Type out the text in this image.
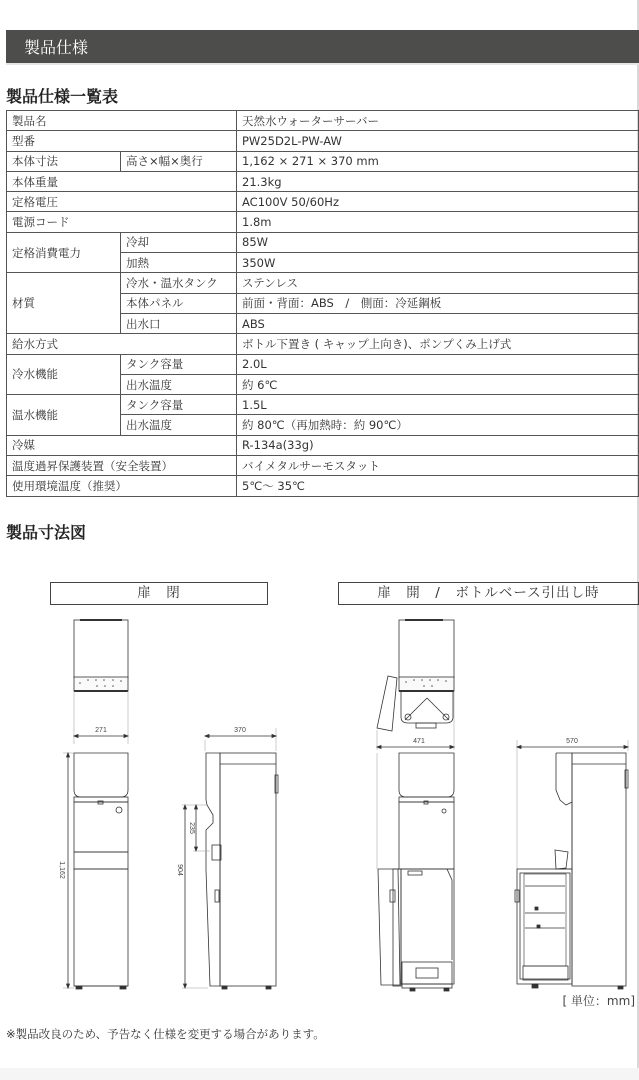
製品仕様
製品仕様一覧表
製品名		天然水ウォーターサーバー
型番		PW25D2L-PW-AW
本体寸法	高さ×幅×奥行	1,162 × 271 × 370 mm
本体重量		21.3kg
定格電圧		AC100V 50/60Hz
電源コード		1.8m
定格消費電力	冷却	85W
	加熱	350W
材質	冷水・温水タンク	ステンレス
	本体パネル	前面・背面：ABS　/　側面：冷延鋼板
	出水口	ABS
給水方式		ボトル下置き ( キャップ上向き)、ポンプくみ上げ式
冷水機能	タンク容量	2.0L
	出水温度	約 6℃
温水機能	タンク容量	1.5L
	出水温度	約 80℃（再加熱時：約 90℃）
冷媒		R-134a(33g)
温度過昇保護装置（安全装置）		バイメタルサーモスタット
使用環境温度（推奨）		5℃～ 35℃
製品寸法図
扉　閉	扉　開　/　ボトルベース引出し時
271
1,162
370
904
235
471	570
[ 単位：mm]
※製品改良のため、予告なく仕様を変更する場合があります。
